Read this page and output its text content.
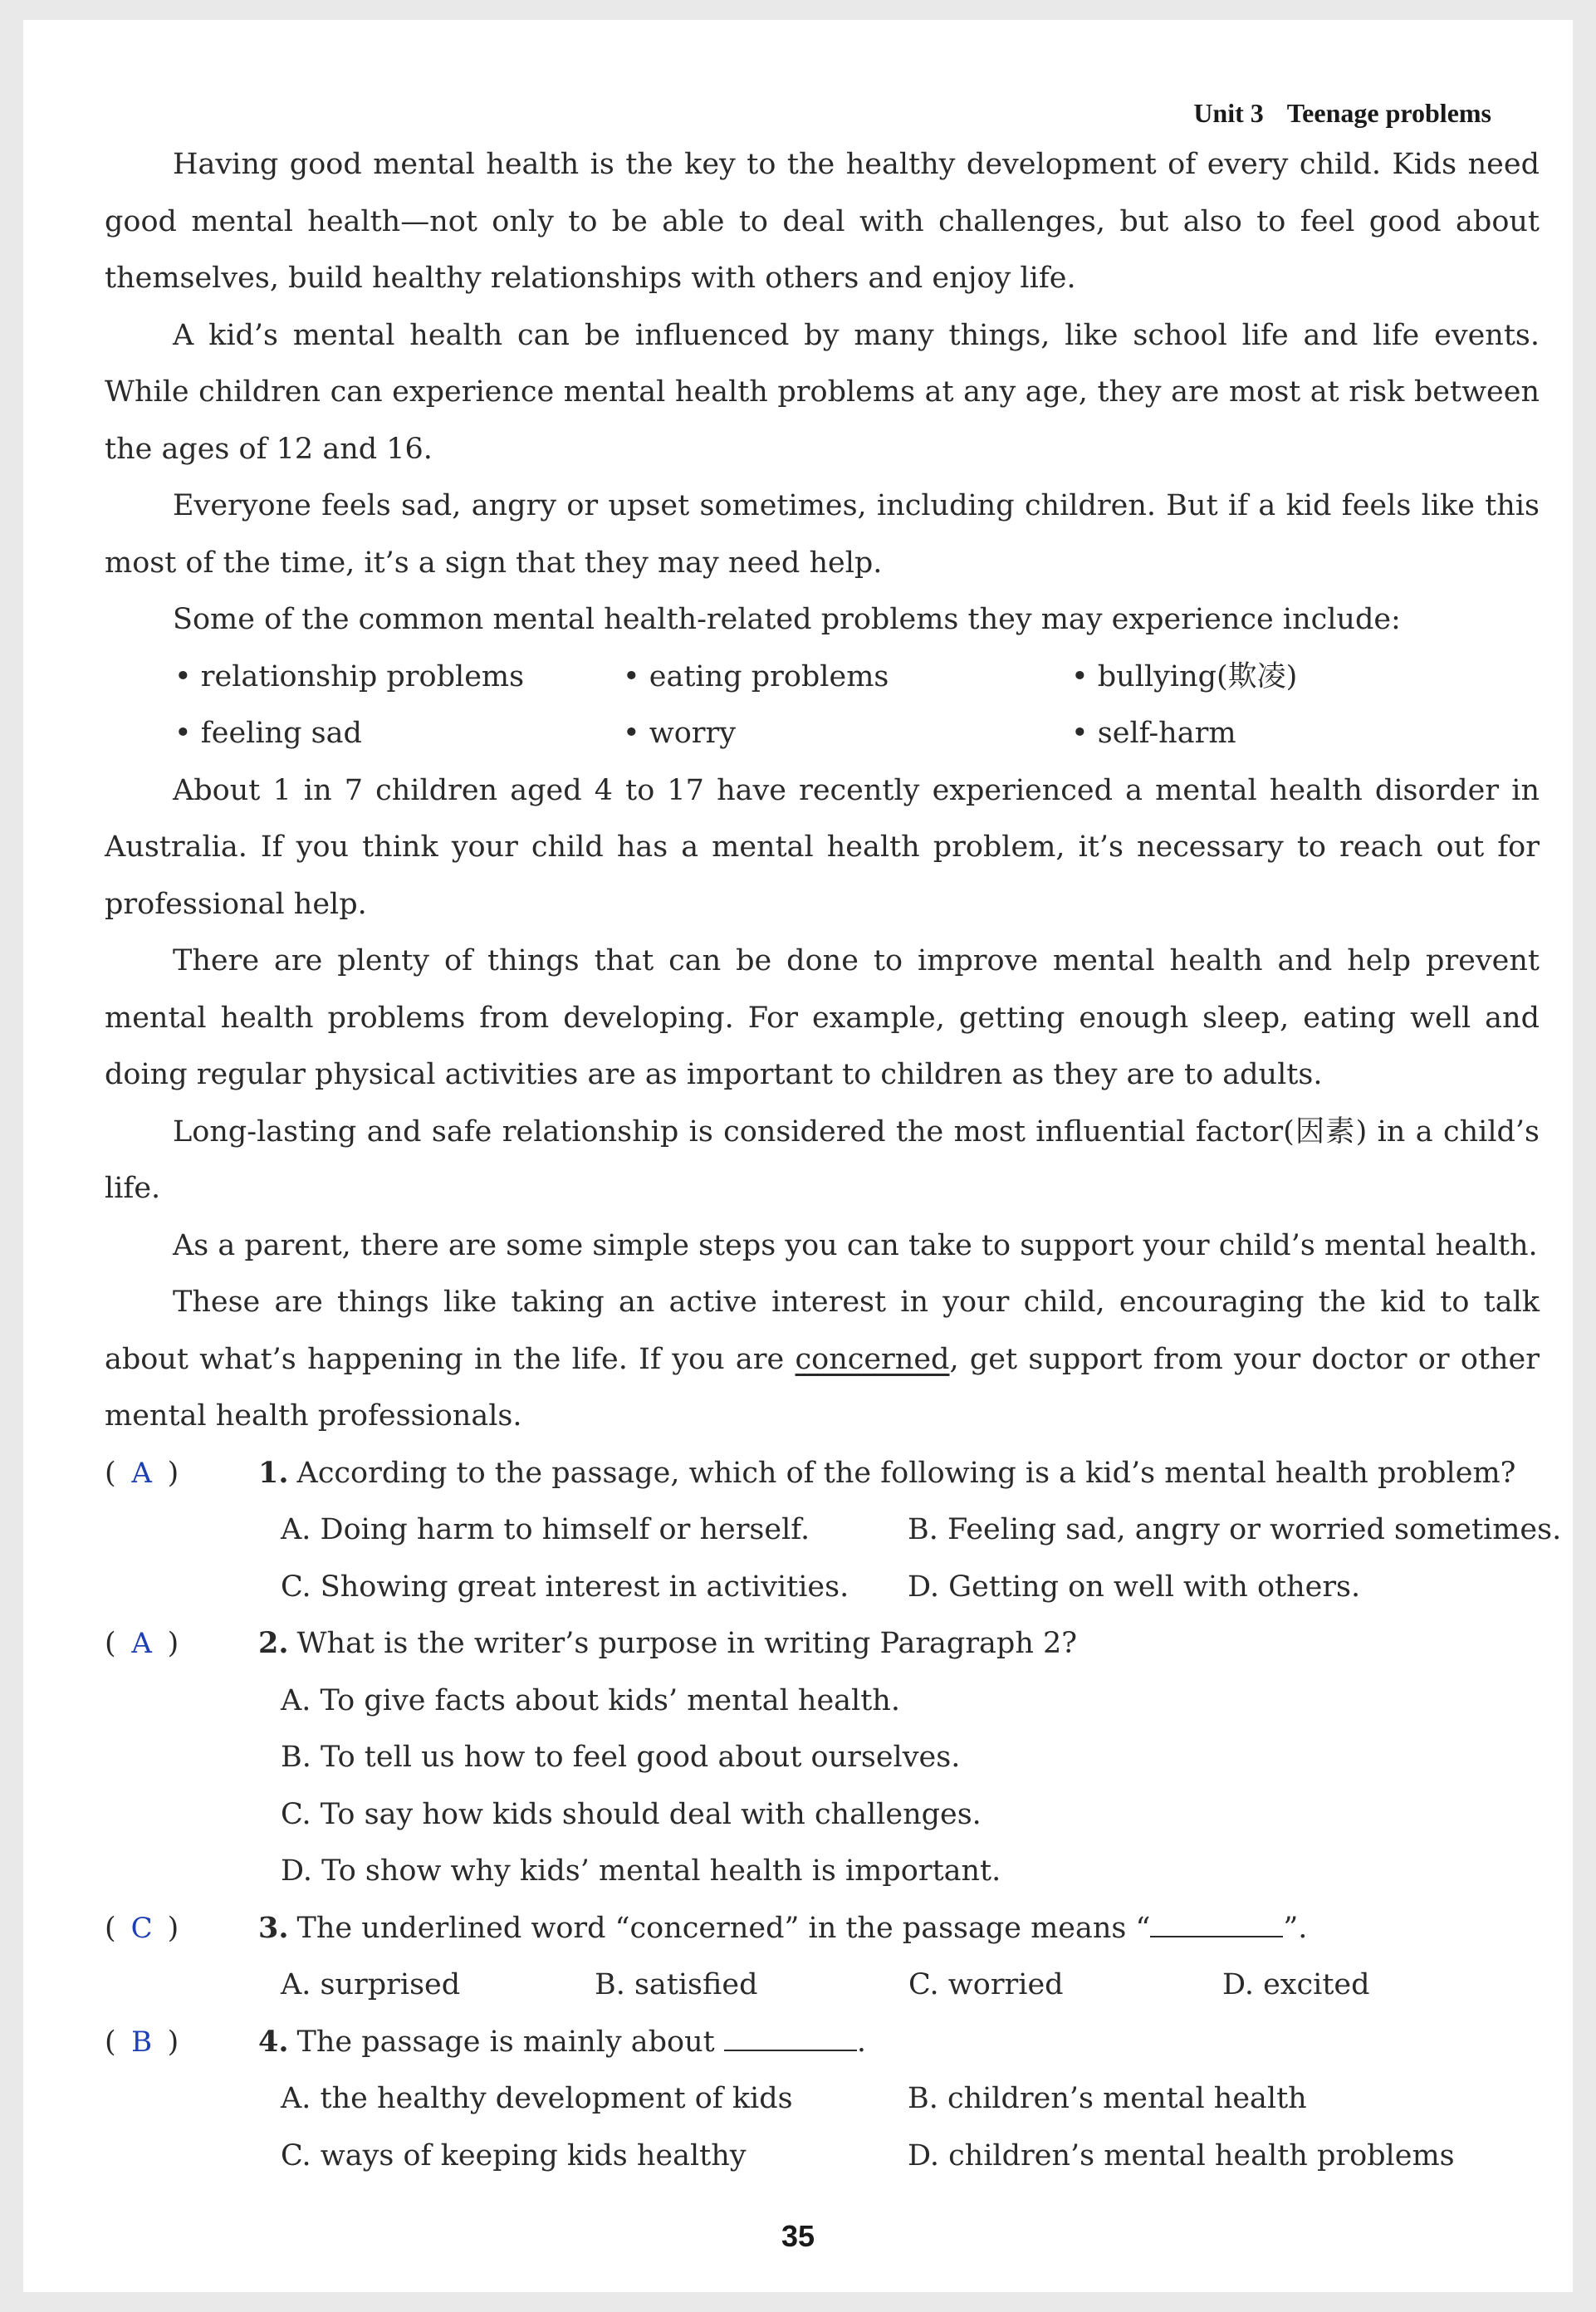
Unit 3 Teenage problems

Having good mental health is the key to the healthy development of every child. Kids need good mental health—not only to be able to deal with challenges, but also to feel good about themselves, build healthy relationships with others and enjoy life.

A kid’s mental health can be influenced by many things, like school life and life events. While children can experience mental health problems at any age, they are most at risk between the ages of 12 and 16.

Everyone feels sad, angry or upset sometimes, including children. But if a kid feels like this most of the time, it’s a sign that they may need help.

Some of the common mental health-related problems they may experience include:

• relationship problems	• eating problems	• bullying(欺凌)
• feeling sad	• worry	• self-harm

About 1 in 7 children aged 4 to 17 have recently experienced a mental health disorder in Australia. If you think your child has a mental health problem, it’s necessary to reach out for professional help.

There are plenty of things that can be done to improve mental health and help prevent mental health problems from developing. For example, getting enough sleep, eating well and doing regular physical activities are as important to children as they are to adults.

Long-lasting and safe relationship is considered the most influential factor(因素) in a child’s life.

As a parent, there are some simple steps you can take to support your child’s mental health.

These are things like taking an active interest in your child, encouraging the kid to talk about what’s happening in the life. If you are concerned, get support from your doctor or other mental health professionals.

( A )	1. According to the passage, which of the following is a kid’s mental health problem?

A. Doing harm to himself or herself.	B. Feeling sad, angry or worried sometimes.
C. Showing great interest in activities.	D. Getting on well with others.

( A )	2. What is the writer’s purpose in writing Paragraph 2?

A. To give facts about kids’ mental health.
B. To tell us how to feel good about ourselves.
C. To say how kids should deal with challenges.
D. To show why kids’ mental health is important.

( C )	3. The underlined word “concerned” in the passage means “	”.

A. surprised	B. satisfied	C. worried	D. excited

( B )	4. The passage is mainly about	.

A. the healthy development of kids	B. children’s mental health
C. ways of keeping kids healthy	D. children’s mental health problems
35
